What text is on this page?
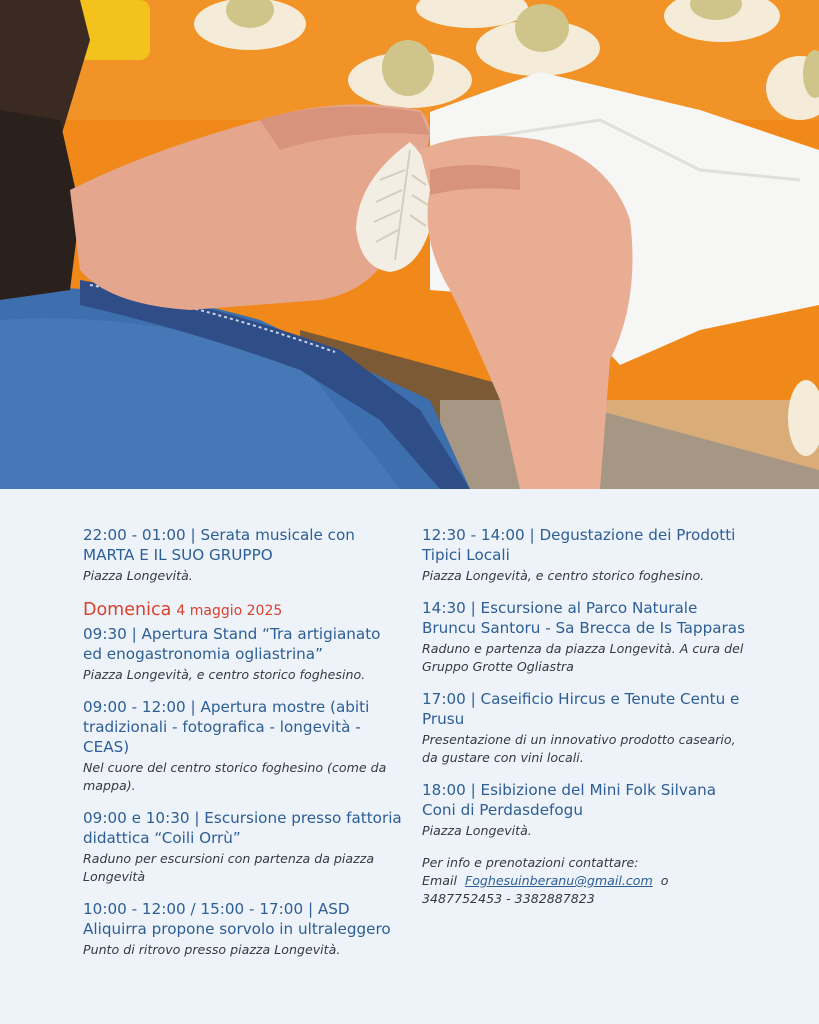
22:00 - 01:00 | Serata musicale con MARTA E IL SUO GRUPPO

Piazza Longevità.

Domenica 4 maggio 2025

09:30 | Apertura Stand “Tra artigianato ed enogastronomia ogliastrina”

Piazza Longevità, e centro storico foghesino.

09:00 - 12:00 | Apertura mostre (abiti tradizionali - fotografica - longevità - CEAS)

Nel cuore del centro storico foghesino (come da mappa).

09:00 e 10:30 | Escursione presso fattoria didattica “Coili Orrù”

Raduno per escursioni con partenza da piazza Longevità

10:00 - 12:00 / 15:00 - 17:00 | ASD Aliquirra propone sorvolo in ultraleggero

Punto di ritrovo presso piazza Longevità.

12:30 - 14:00 | Degustazione dei Prodotti Tipici Locali

Piazza Longevità, e centro storico foghesino.

14:30 | Escursione al Parco Naturale Bruncu Santoru - Sa Brecca de Is Tapparas

Raduno e partenza da piazza Longevità. A cura del Gruppo Grotte Ogliastra

17:00 | Caseificio Hircus e Tenute Centu e Prusu

Presentazione di un innovativo prodotto caseario, da gustare con vini locali.

18:00 | Esibizione del Mini Folk Silvana Coni di Perdasdefogu

Piazza Longevità.

Per info e prenotazioni contattare:
Email Foghesuinberanu@gmail.com o
3487752453 - 3382887823
